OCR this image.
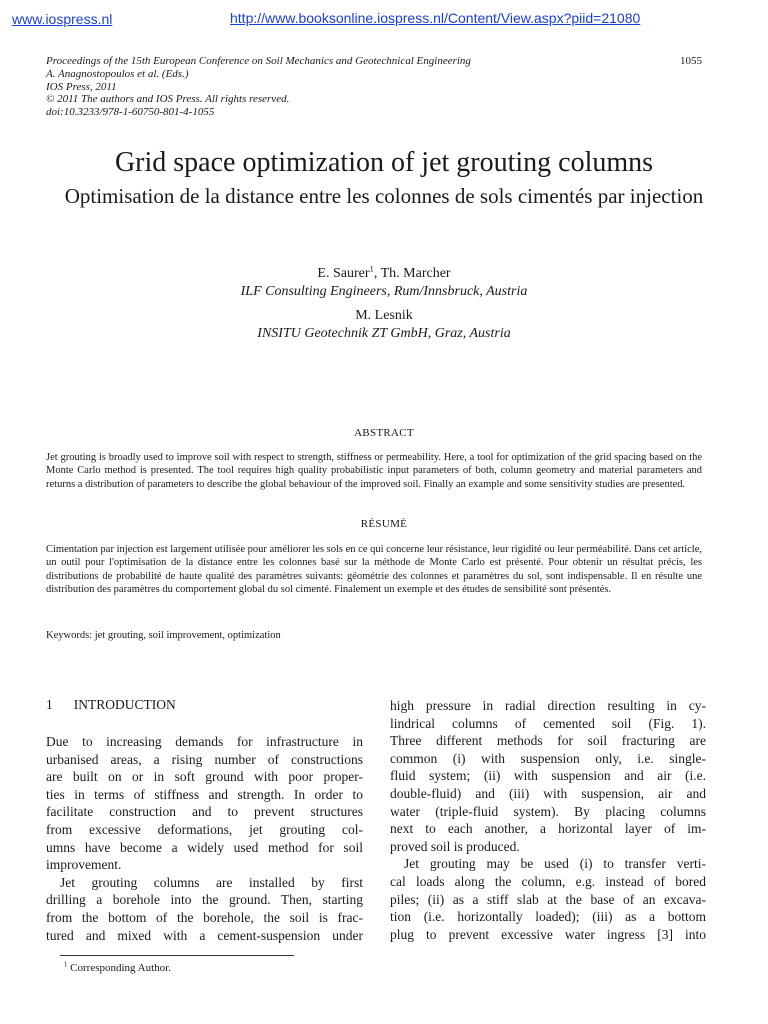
www.iospress.nl	http://www.booksonline.iospress.nl/Content/View.aspx?piid=21080
Proceedings of the 15th European Conference on Soil Mechanics and Geotechnical Engineering
A. Anagnostopoulos et al. (Eds.)
IOS Press, 2011
© 2011 The authors and IOS Press. All rights reserved.
doi:10.3233/978-1-60750-801-4-1055
1055
Grid space optimization of jet grouting columns
Optimisation de la distance entre les colonnes de sols cimentés par injection
E. Saurer$^1$, Th. Marcher
ILF Consulting Engineers, Rum/Innsbruck, Austria
M. Lesnik
INSITU Geotechnik ZT GmbH, Graz, Austria
ABSTRACT
Jet grouting is broadly used to improve soil with respect to strength, stiffness or permeability. Here, a tool for optimization of the grid spacing based on the Monte Carlo method is presented. The tool requires high quality probabilistic input parameters of both, column geometry and material parameters and returns a distribution of parameters to describe the global behaviour of the improved soil. Finally an example and some sensitivity studies are presented.
RÉSUMÉ
Cimentation par injection est largement utilisée pour améliorer les sols en ce qui concerne leur résistance, leur rigidité ou leur perméabilité. Dans cet article, un outil pour l'optimisation de la distance entre les colonnes basé sur la méthode de Monte Carlo est présenté. Pour obtenir un résultat précis, les distributions de probabilité de haute qualité des paramètres suivants: géométrie des colonnes et paramètres du sol, sont indispensable. Il en résulte une distribution des paramètres du comportement global du sol cimenté. Finalement un exemple et des études de sensibilité sont présentés.
Keywords: jet grouting, soil improvement, optimization
1 INTRODUCTION
Due to increasing demands for infrastructure in
urbanised areas, a rising number of constructions
are built on or in soft ground with poor proper-
ties in terms of stiffness and strength. In order to
facilitate construction and to prevent structures
from excessive deformations, jet grouting col-
umns have become a widely used method for soil
improvement.
Jet grouting columns are installed by first
drilling a borehole into the ground. Then, starting
from the bottom of the borehole, the soil is frac-
tured and mixed with a cement-suspension under
high pressure in radial direction resulting in cy-
lindrical columns of cemented soil (Fig. 1).
Three different methods for soil fracturing are
common (i) with suspension only, i.e. single-
fluid system; (ii) with suspension and air (i.e.
double-fluid) and (iii) with suspension, air and
water (triple-fluid system). By placing columns
next to each another, a horizontal layer of im-
proved soil is produced.
Jet grouting may be used (i) to transfer verti-
cal loads along the column, e.g. instead of bored
piles; (ii) as a stiff slab at the base of an excava-
tion (i.e. horizontally loaded); (iii) as a bottom
plug to prevent excessive water ingress [3] into
$^1$ Corresponding Author.
